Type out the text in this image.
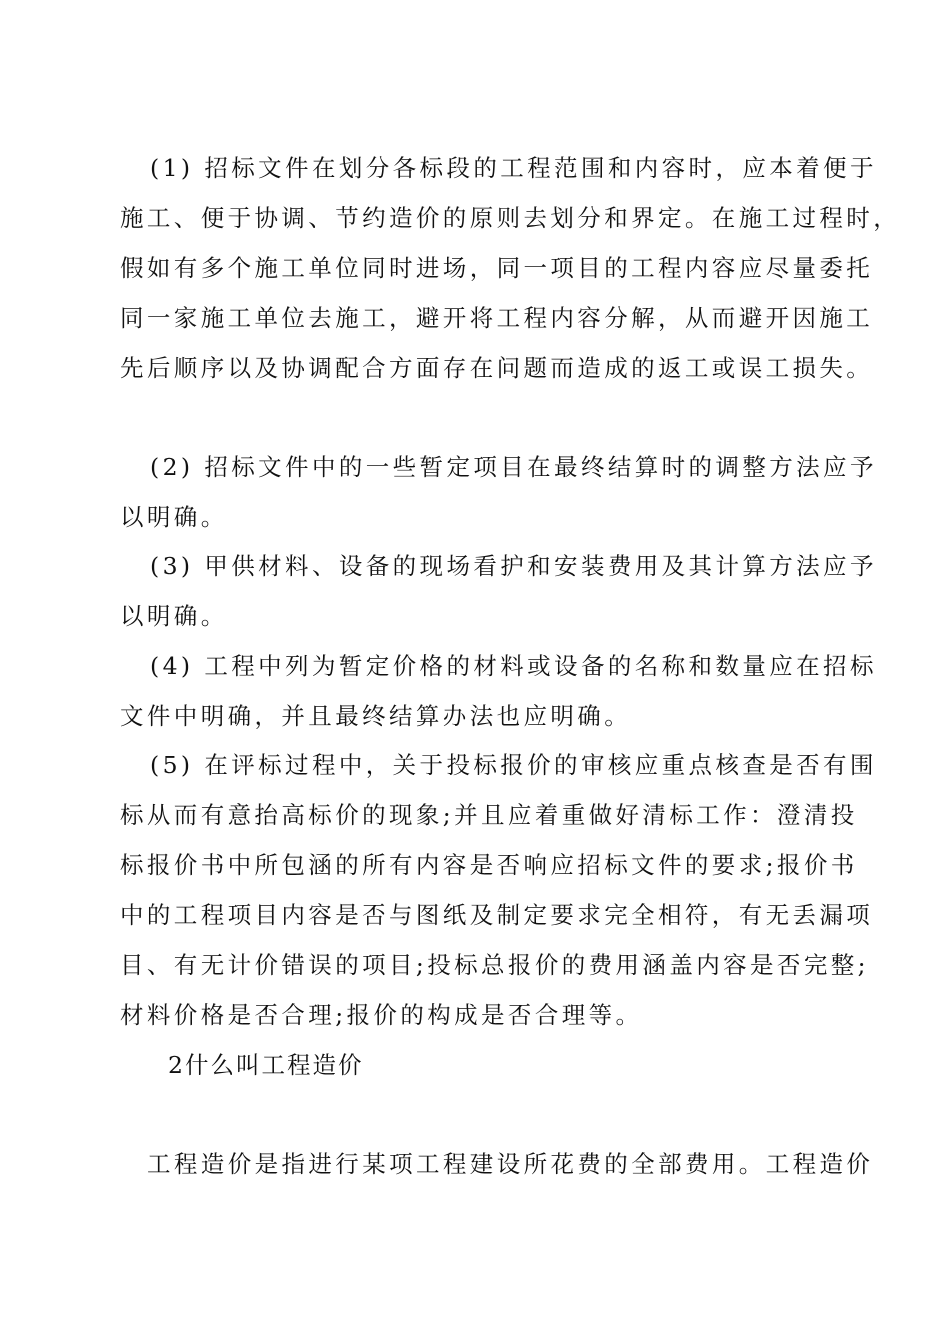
(1) 招标文件在划分各标段的工程范围和内容时，应本着便于
施工、便于协调、节约造价的原则去划分和界定。在施工过程时，
假如有多个施工单位同时进场，同一项目的工程内容应尽量委托
同一家施工单位去施工，避开将工程内容分解，从而避开因施工
先后顺序以及协调配合方面存在问题而造成的返工或误工损失。
(2) 招标文件中的一些暂定项目在最终结算时的调整方法应予
以明确。
(3) 甲供材料、设备的现场看护和安装费用及其计算方法应予
以明确。
(4) 工程中列为暂定价格的材料或设备的名称和数量应在招标
文件中明确，并且最终结算办法也应明确。
(5) 在评标过程中，关于投标报价的审核应重点核查是否有围
标从而有意抬高标价的现象;并且应着重做好清标工作：澄清投
标报价书中所包涵的所有内容是否响应招标文件的要求;报价书
中的工程项目内容是否与图纸及制定要求完全相符，有无丢漏项
目、有无计价错误的项目;投标总报价的费用涵盖内容是否完整;
材料价格是否合理;报价的构成是否合理等。
2什么叫工程造价
工程造价是指进行某项工程建设所花费的全部费用。工程造价
